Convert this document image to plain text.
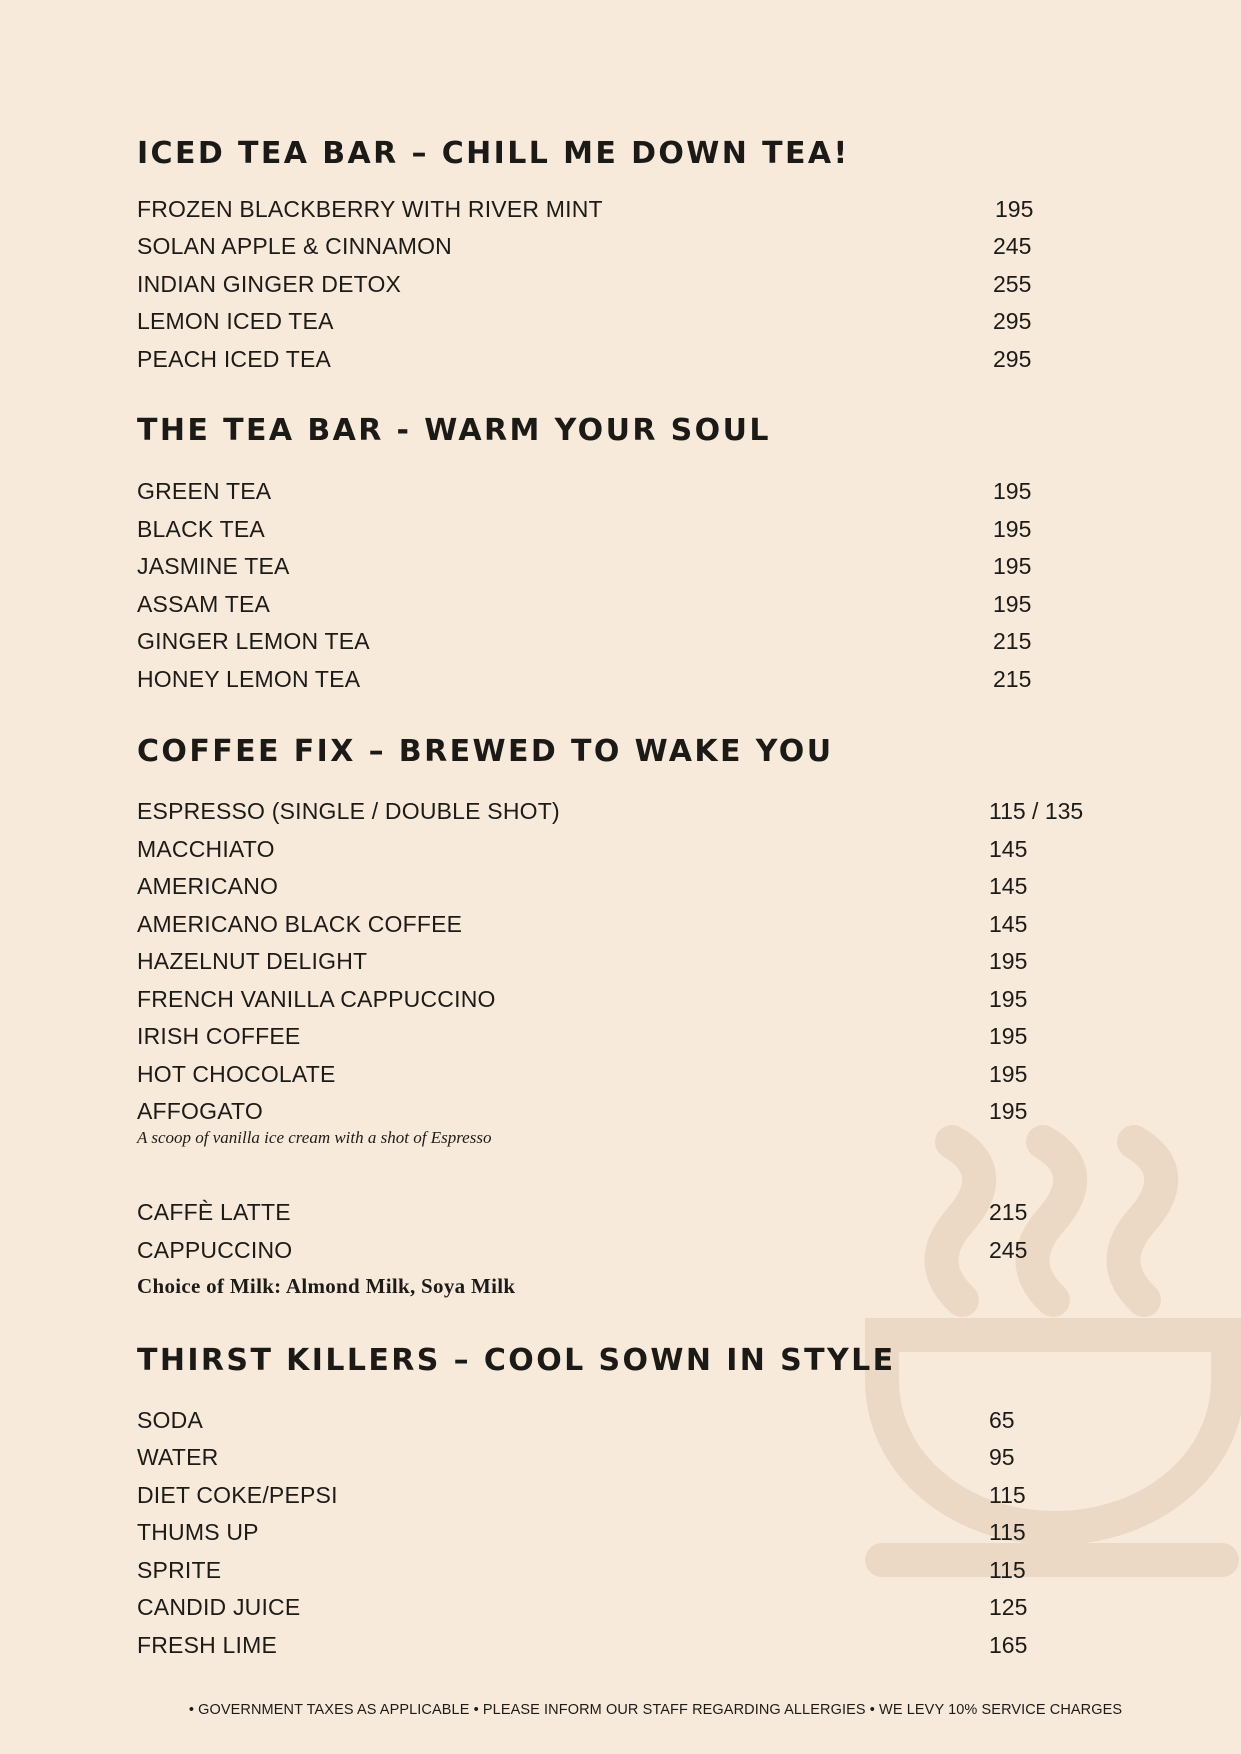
ICED TEA BAR – CHILL ME DOWN TEA!
FROZEN BLACKBERRY WITH RIVER MINT	195
SOLAN APPLE & CINNAMON	245
INDIAN GINGER DETOX	255
LEMON ICED TEA	295
PEACH ICED TEA	295
THE TEA BAR - WARM YOUR SOUL
GREEN TEA	195
BLACK TEA	195
JASMINE TEA	195
ASSAM TEA	195
GINGER LEMON TEA	215
HONEY LEMON TEA	215
COFFEE FIX – BREWED TO WAKE YOU
ESPRESSO (SINGLE / DOUBLE SHOT)	115 / 135
MACCHIATO	145
AMERICANO	145
AMERICANO BLACK COFFEE	145
HAZELNUT DELIGHT	195
FRENCH VANILLA CAPPUCCINO	195
IRISH COFFEE	195
HOT CHOCOLATE	195
AFFOGATO	195
A scoop of vanilla ice cream with a shot of Espresso
CAFFÈ LATTE	215
CAPPUCCINO	245
Choice of Milk: Almond Milk, Soya Milk
THIRST KILLERS – COOL SOWN IN STYLE
SODA	65
WATER	95
DIET COKE/PEPSI	115
THUMS UP	115
SPRITE	115
CANDID JUICE	125
FRESH LIME	165
• GOVERNMENT TAXES AS APPLICABLE • PLEASE INFORM OUR STAFF REGARDING ALLERGIES • WE LEVY 10% SERVICE CHARGES
